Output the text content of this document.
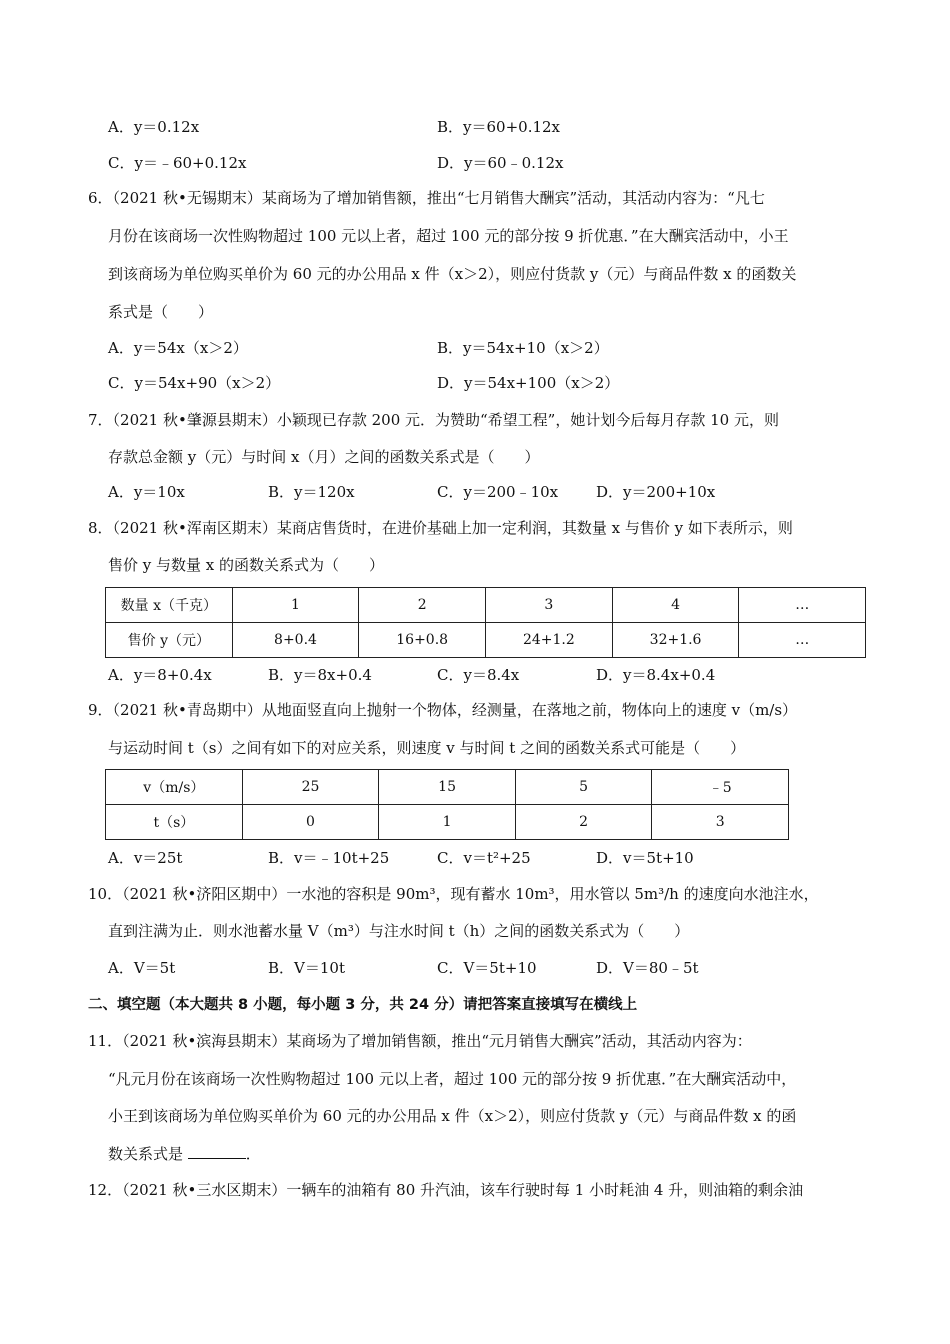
A．y＝0.12x	B．y＝60+0.12x
C．y＝﹣60+0.12x	D．y＝60﹣0.12x
6．（2021 秋•无锡期末）某商场为了增加销售额，推出“七月销售大酬宾”活动，其活动内容为：“凡七
月份在该商场一次性购物超过 100 元以上者，超过 100 元的部分按 9 折优惠．”在大酬宾活动中，小王
到该商场为单位购买单价为 60 元的办公用品 x 件（x＞2），则应付货款 y（元）与商品件数 x 的函数关
系式是（　　）
A．y＝54x（x＞2）	B．y＝54x+10（x＞2）
C．y＝54x+90（x＞2）	D．y＝54x+100（x＞2）
7．（2021 秋•肇源县期末）小颖现已存款 200 元．为赞助“希望工程”，她计划今后每月存款 10 元，则
存款总金额 y（元）与时间 x（月）之间的函数关系式是（　　）
A．y＝10x	B．y＝120x	C．y＝200﹣10x	D．y＝200+10x
8．（2021 秋•浑南区期末）某商店售货时，在进价基础上加一定利润，其数量 x 与售价 y 如下表所示，则
售价 y 与数量 x 的函数关系式为（　　）
数量 x（千克）	1	2	3	4	…
售价 y（元）	8+0.4	16+0.8	24+1.2	32+1.6	…
A．y＝8+0.4x	B．y＝8x+0.4	C．y＝8.4x	D．y＝8.4x+0.4
9．（2021 秋•青岛期中）从地面竖直向上抛射一个物体，经测量，在落地之前，物体向上的速度 v（m/s）
与运动时间 t（s）之间有如下的对应关系，则速度 v 与时间 t 之间的函数关系式可能是（　　）
v（m/s）	25	15	5	﹣5
t（s）	0	1	2	3
A．v＝25t	B．v＝﹣10t+25	C．v＝t²+25	D．v＝5t+10
10．（2021 秋•济阳区期中）一水池的容积是 90m³，现有蓄水 10m³，用水管以 5m³/h 的速度向水池注水，
直到注满为止．则水池蓄水量 V（m³）与注水时间 t（h）之间的函数关系式为（　　）
A．V＝5t	B．V＝10t	C．V＝5t+10	D．V＝80﹣5t
二、填空题（本大题共 8 小题，每小题 3 分，共 24 分）请把答案直接填写在横线上
11．（2021 秋•滨海县期末）某商场为了增加销售额，推出“元月销售大酬宾”活动，其活动内容为：
“凡元月份在该商场一次性购物超过 100 元以上者，超过 100 元的部分按 9 折优惠．”在大酬宾活动中，
小王到该商场为单位购买单价为 60 元的办公用品 x 件（x＞2），则应付货款 y（元）与商品件数 x 的函
数关系式是	．
12．（2021 秋•三水区期末）一辆车的油箱有 80 升汽油，该车行驶时每 1 小时耗油 4 升，则油箱的剩余油
